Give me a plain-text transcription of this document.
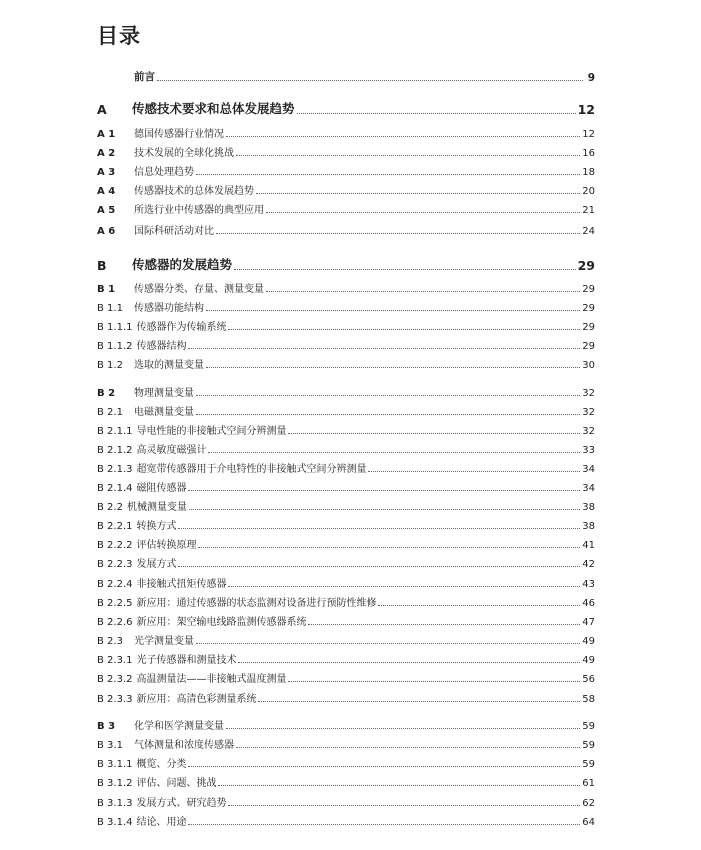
目录
前言	9
A	传感技术要求和总体发展趋势	12
A 1	德国传感器行业情况	12
A 2	技术发展的全球化挑战	16
A 3	信息处理趋势	18
A 4	传感器技术的总体发展趋势	20
A 5	所选行业中传感器的典型应用	21
A 6	国际科研活动对比	24
B	传感器的发展趋势	29
B 1	传感器分类、存量、测量变量	29
B 1.1	传感器功能结构	29
B 1.1.1 传感器作为传输系统	29
B 1.1.2 传感器结构	29
B 1.2	选取的测量变量	30
B 2	物理测量变量	32
B 2.1	电磁测量变量	32
B 2.1.1 导电性能的非接触式空间分辨测量	32
B 2.1.2 高灵敏度磁强计	33
B 2.1.3 超宽带传感器用于介电特性的非接触式空间分辨测量	34
B 2.1.4 磁阻传感器	34
B 2.2 机械测量变量	38
B 2.2.1 转换方式	38
B 2.2.2 评估转换原理	41
B 2.2.3 发展方式	42
B 2.2.4 非接触式扭矩传感器	43
B 2.2.5 新应用：通过传感器的状态监测对设备进行预防性维修	46
B 2.2.6 新应用：架空输电线路监测传感器系统	47
B 2.3	光学测量变量	49
B 2.3.1 光子传感器和测量技术	49
B 2.3.2 高温测量法——非接触式温度测量	56
B 2.3.3 新应用：高清色彩测量系统	58
B 3	化学和医学测量变量	59
B 3.1	气体测量和浓度传感器	59
B 3.1.1 概览、分类	59
B 3.1.2 评估、问题、挑战	61
B 3.1.3 发展方式、研究趋势	62
B 3.1.4 结论、用途	64
